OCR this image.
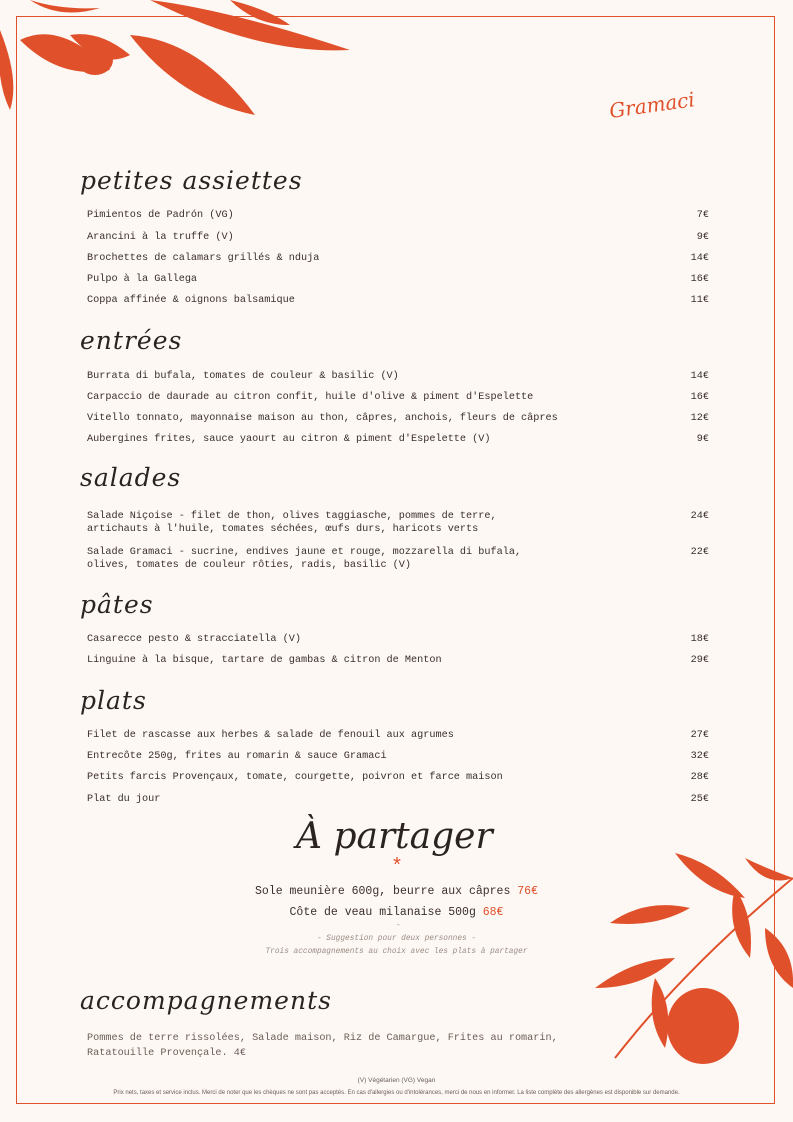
Gramaci
petites assiettes
Pimientos de Padrón (VG)	7€
Arancini à la truffe (V)	9€
Brochettes de calamars grillés & nduja	14€
Pulpo à la Gallega	16€
Coppa affinée & oignons balsamique	11€
entrées
Burrata di bufala, tomates de couleur & basilic (V)	14€
Carpaccio de daurade au citron confit, huile d'olive & piment d'Espelette	16€
Vitello tonnato, mayonnaise maison au thon, câpres, anchois, fleurs de câpres	12€
Aubergines frites, sauce yaourt au citron & piment d'Espelette (V)	9€
salades
Salade Niçoise - filet de thon, olives taggiasche, pommes de terre,
artichauts à l'huile, tomates séchées, œufs durs, haricots verts
24€
Salade Gramaci - sucrine, endives jaune et rouge, mozzarella di bufala,
olives, tomates de couleur rôties, radis, basilic (V)
22€
pâtes
Casarecce pesto & stracciatella (V)	18€
Linguine à la bisque, tartare de gambas & citron de Menton	29€
plats
Filet de rascasse aux herbes & salade de fenouil aux agrumes	27€
Entrecôte 250g, frites au romarin & sauce Gramaci	32€
Petits farcis Provençaux, tomate, courgette, poivron et farce maison	28€
Plat du jour	25€
À partager
*
Sole meunière 600g, beurre aux câpres 76€
Côte de veau milanaise 500g 68€
-
- Suggestion pour deux personnes -
Trois accompagnements au choix avec les plats à partager
accompagnements
Pommes de terre rissolées, Salade maison, Riz de Camargue, Frites au romarin,
Ratatouille Provençale. 4€
(V) Végétarien (VG) Vegan
Prix nets, taxes et service inclus. Merci de noter que les chèques ne sont pas acceptés. En cas d'allergies ou d'intolérances, merci de nous en informer. La liste complète des allergènes est disponible sur demande.
